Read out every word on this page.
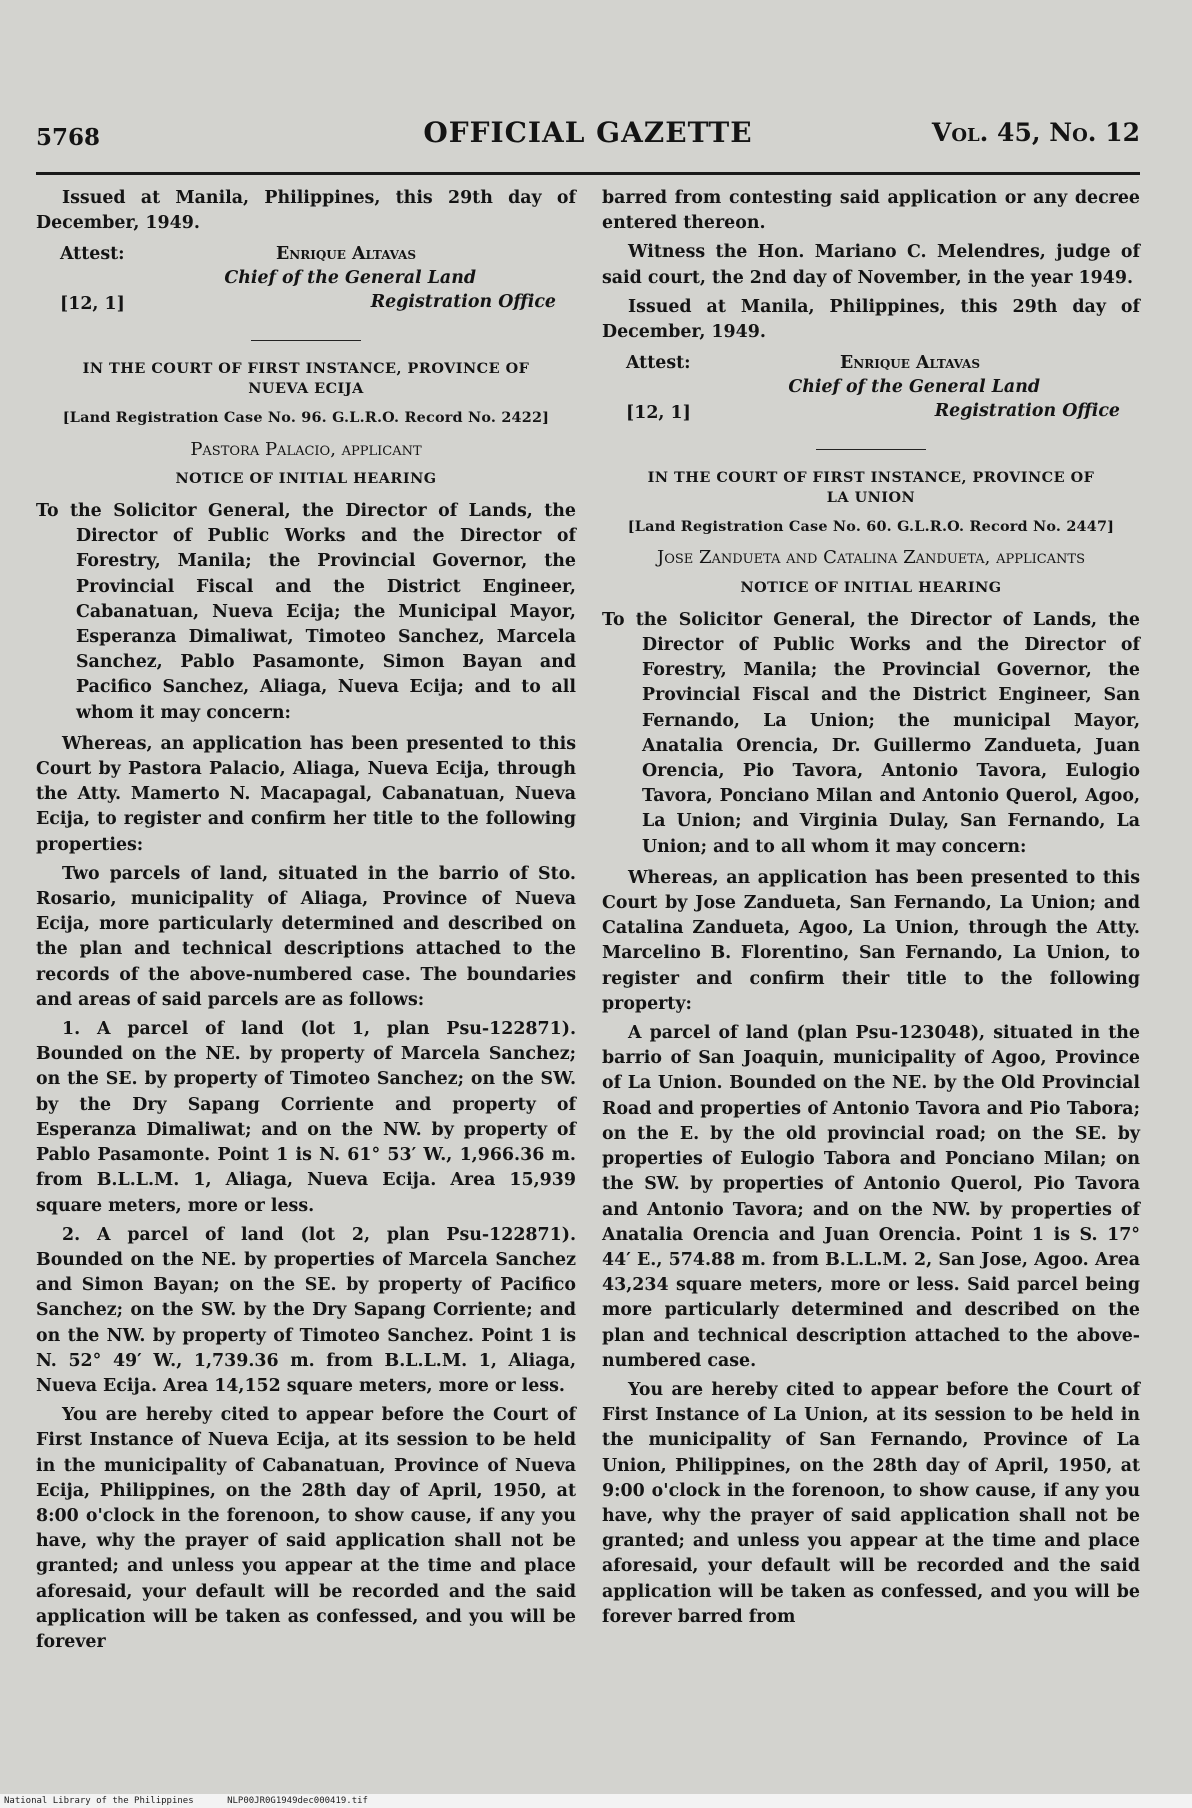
5768	OFFICIAL GAZETTE	Vol. 45, No. 12

Issued at Manila, Philippines, this 29th day of December, 1949.

Attest:	Enrique Altavas
Chief of the General Land
Registration Office
[12, 1]
IN THE COURT OF FIRST INSTANCE, PROVINCE OF NUEVA ECIJA
[Land Registration Case No. 96. G.L.R.O. Record No. 2422]
Pastora Palacio, applicant
NOTICE OF INITIAL HEARING

To the Solicitor General, the Director of Lands, the Director of Public Works and the Director of Forestry, Manila; the Provincial Governor, the Provincial Fiscal and the District Engineer, Cabanatuan, Nueva Ecija; the Municipal Mayor, Esperanza Dimaliwat, Timoteo Sanchez, Marcela Sanchez, Pablo Pasamonte, Simon Bayan and Pacifico Sanchez, Aliaga, Nueva Ecija; and to all whom it may concern:

Whereas, an application has been presented to this Court by Pastora Palacio, Aliaga, Nueva Ecija, through the Atty. Mamerto N. Macapagal, Cabanatuan, Nueva Ecija, to register and confirm her title to the following properties:

Two parcels of land, situated in the barrio of Sto. Rosario, municipality of Aliaga, Province of Nueva Ecija, more particularly determined and described on the plan and technical descriptions attached to the records of the above-numbered case. The boundaries and areas of said parcels are as follows:

1. A parcel of land (lot 1, plan Psu-122871). Bounded on the NE. by property of Marcela Sanchez; on the SE. by property of Timoteo Sanchez; on the SW. by the Dry Sapang Corriente and property of Esperanza Dimaliwat; and on the NW. by property of Pablo Pasamonte. Point 1 is N. 61° 53′ W., 1,966.36 m. from B.L.L.M. 1, Aliaga, Nueva Ecija. Area 15,939 square meters, more or less.

2. A parcel of land (lot 2, plan Psu-122871). Bounded on the NE. by properties of Marcela Sanchez and Simon Bayan; on the SE. by property of Pacifico Sanchez; on the SW. by the Dry Sapang Corriente; and on the NW. by property of Timoteo Sanchez. Point 1 is N. 52° 49′ W., 1,739.36 m. from B.L.L.M. 1, Aliaga, Nueva Ecija. Area 14,152 square meters, more or less.

You are hereby cited to appear before the Court of First Instance of Nueva Ecija, at its session to be held in the municipality of Cabanatuan, Province of Nueva Ecija, Philippines, on the 28th day of April, 1950, at 8:00 o'clock in the forenoon, to show cause, if any you have, why the prayer of said application shall not be granted; and unless you appear at the time and place aforesaid, your default will be recorded and the said application will be taken as confessed, and you will be forever

barred from contesting said application or any decree entered thereon.

Witness the Hon. Mariano C. Melendres, judge of said court, the 2nd day of November, in the year 1949.

Issued at Manila, Philippines, this 29th day of December, 1949.

Attest:	Enrique Altavas
Chief of the General Land
Registration Office
[12, 1]
IN THE COURT OF FIRST INSTANCE, PROVINCE OF LA UNION
[Land Registration Case No. 60. G.L.R.O. Record No. 2447]
Jose Zandueta and Catalina Zandueta, applicants
NOTICE OF INITIAL HEARING

To the Solicitor General, the Director of Lands, the Director of Public Works and the Director of Forestry, Manila; the Provincial Governor, the Provincial Fiscal and the District Engineer, San Fernando, La Union; the municipal Mayor, Anatalia Orencia, Dr. Guillermo Zandueta, Juan Orencia, Pio Tavora, Antonio Tavora, Eulogio Tavora, Ponciano Milan and Antonio Querol, Agoo, La Union; and Virginia Dulay, San Fernando, La Union; and to all whom it may concern:

Whereas, an application has been presented to this Court by Jose Zandueta, San Fernando, La Union; and Catalina Zandueta, Agoo, La Union, through the Atty. Marcelino B. Florentino, San Fernando, La Union, to register and confirm their title to the following property:

A parcel of land (plan Psu-123048), situated in the barrio of San Joaquin, municipality of Agoo, Province of La Union. Bounded on the NE. by the Old Provincial Road and properties of Antonio Tavora and Pio Tabora; on the E. by the old provincial road; on the SE. by properties of Eulogio Tabora and Ponciano Milan; on the SW. by properties of Antonio Querol, Pio Tavora and Antonio Tavora; and on the NW. by properties of Anatalia Orencia and Juan Orencia. Point 1 is S. 17° 44′ E., 574.88 m. from B.L.L.M. 2, San Jose, Agoo. Area 43,234 square meters, more or less. Said parcel being more particularly determined and described on the plan and technical description attached to the above-numbered case.

You are hereby cited to appear before the Court of First Instance of La Union, at its session to be held in the municipality of San Fernando, Province of La Union, Philippines, on the 28th day of April, 1950, at 9:00 o'clock in the forenoon, to show cause, if any you have, why the prayer of said application shall not be granted; and unless you appear at the time and place aforesaid, your default will be recorded and the said application will be taken as confessed, and you will be forever barred from

National Library of the Philippines	NLP00JR0G1949dec000419.tif
